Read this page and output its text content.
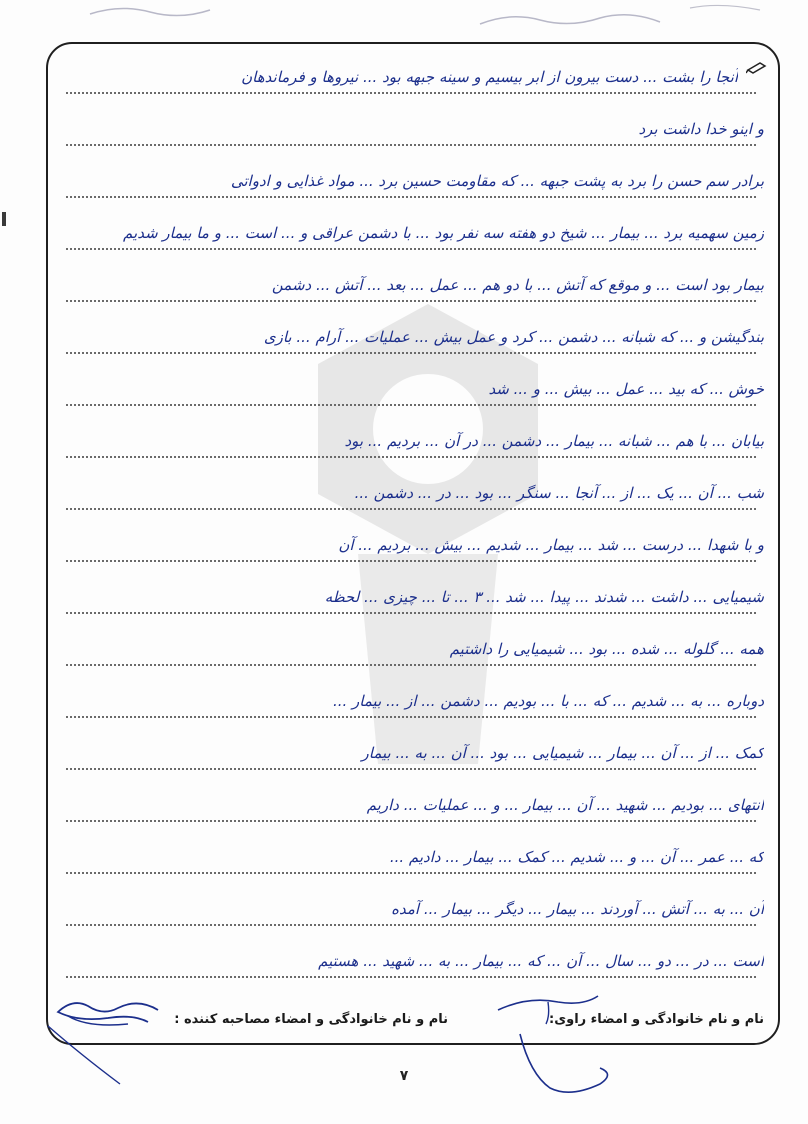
آنجا را بشت ... دست بیرون از ابر بیسیم و سینه جبهه بود ... نیروها و فرماندهان
و اینو خدا داشت برد
برادر سم حسن را برد به پشت جبهه ... که مقاومت حسین برد ... مواد غذایی و ادواتی
زمین سهمیه برد ... بیمار ... شیخ دو هفته سه نفر بود ... با دشمن عراقی و ... است ... و ما بیمار شدیم
بیمار بود است ... و موقع که آتش ... با دو هم ... عمل ... بعد ... آتش ... دشمن
بندگیشن و ... که شبانه ... دشمن ... کرد و عمل بیش ... عملیات ... آرام ... بازی
خوش ... که بید ... عمل ... بیش ... و ... شد
بیابان ... با هم ... شبانه ... بیمار ... دشمن ... در آن ... بردیم ... بود
شب ... آن ... یک ... از ... آنجا ... سنگر ... بود ... در ... دشمن ...
و با شهدا ... درست ... شد ... بیمار ... شدیم ... بیش ... بردیم ... آن
شیمیایی ... داشت ... شدند ... پیدا ... شد ... ۳ ... تا ... چیزی ... لحظه
همه ... گلوله ... شده ... بود ... شیمیایی را داشتیم
دوباره ... به ... شدیم ... که ... با ... بودیم ... دشمن ... از ... بیمار ...
کمک ... از ... آن ... بیمار ... شیمیایی ... بود ... آن ... به ... بیمار
انتهای ... بودیم ... شهید ... آن ... بیمار ... و ... عملیات ... داریم
که ... عمر ... آن ... و ... شدیم ... کمک ... بیمار ... دادیم ...
آن ... به ... آتش ... آوردند ... بیمار ... دیگر ... بیمار ... آمده
است ... در ... دو ... سال ... آن ... که ... بیمار ... به ... شهید ... هستیم
نام و نام خانوادگی و امضاء راوی:
نام و نام خانوادگی و امضاء مصاحبه کننده :
۷
